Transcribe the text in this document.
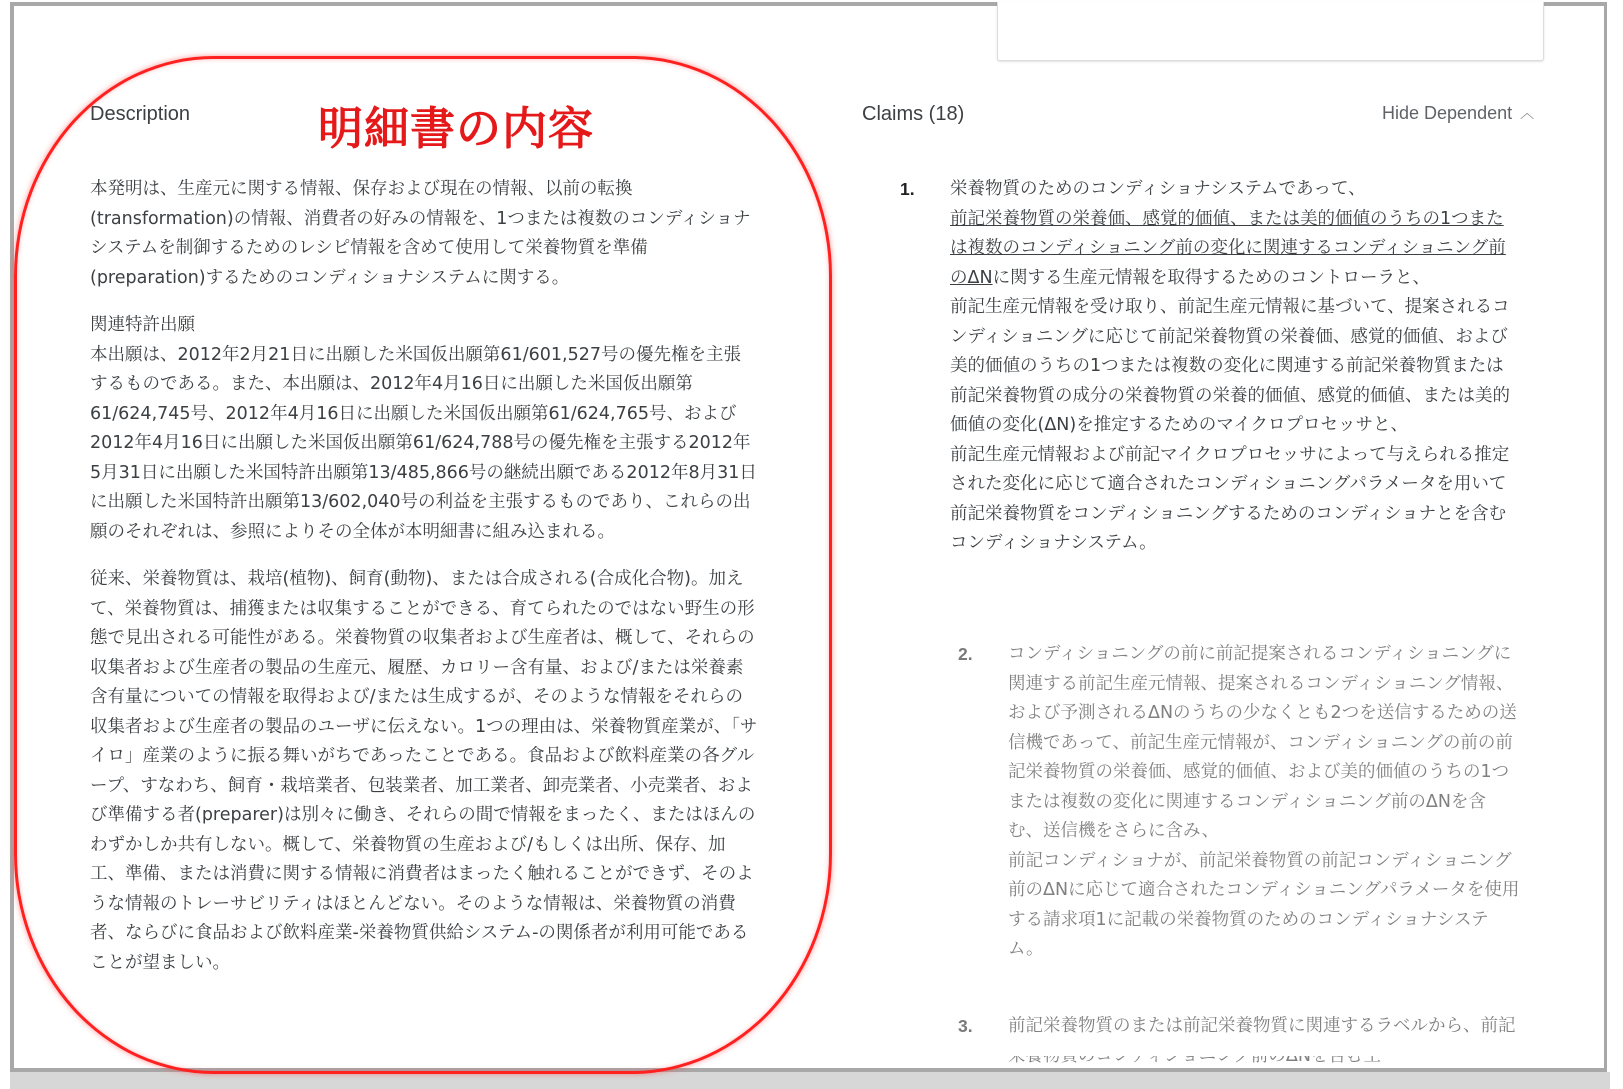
Description	明細書の内容	Claims (18)	Hide Dependent ︿

本発明は、生産元に関する情報、保存および現在の情報、以前の転換(transformation)の情報、消費者の好みの情報を、1つまたは複数のコンディショナシステムを制御するためのレシピ情報を含めて使用して栄養物質を準備(preparation)するためのコンディショナシステムに関する。

関連特許出願

本出願は、2012年2月21日に出願した米国仮出願第61/601,527号の優先権を主張するものである。また、本出願は、2012年4月16日に出願した米国仮出願第61/624,745号、2012年4月16日に出願した米国仮出願第61/624,765号、および2012年4月16日に出願した米国仮出願第61/624,788号の優先権を主張する2012年5月31日に出願した米国特許出願第13/485,866号の継続出願である2012年8月31日に出願した米国特許出願第13/602,040号の利益を主張するものであり、これらの出願のそれぞれは、参照によりその全体が本明細書に組み込まれる。

従来、栄養物質は、栽培(植物)、飼育(動物)、または合成される(合成化合物)。加えて、栄養物質は、捕獲または収集することができる、育てられたのではない野生の形態で見出される可能性がある。栄養物質の収集者および生産者は、概して、それらの収集者および生産者の製品の生産元、履歴、カロリー含有量、および/または栄養素含有量についての情報を取得および/または生成するが、そのような情報をそれらの収集者および生産者の製品のユーザに伝えない。1つの理由は、栄養物質産業が、「サイロ」産業のように振る舞いがちであったことである。食品および飲料産業の各グループ、すなわち、飼育・栽培業者、包装業者、加工業者、卸売業者、小売業者、および準備する者(preparer)は別々に働き、それらの間で情報をまったく、またはほんのわずかしか共有しない。概して、栄養物質の生産および/もしくは出所、保存、加工、準備、または消費に関する情報に消費者はまったく触れることができず、そのような情報のトレーサビリティはほとんどない。そのような情報は、栄養物質の消費者、ならびに食品および飲料産業-栄養物質供給システム-の関係者が利用可能であることが望ましい。

1. 栄養物質のためのコンディショナシステムであって、

前記栄養物質の栄養価、感覚的価値、または美的価値のうちの1つまたは複数のコンディショニング前の変化に関連するコンディショニング前のΔNに関する生産元情報を取得するためのコントローラと、

前記生産元情報を受け取り、前記生産元情報に基づいて、提案されるコンディショニングに応じて前記栄養物質の栄養価、感覚的価値、および美的価値のうちの1つまたは複数の変化に関連する前記栄養物質または前記栄養物質の成分の栄養物質の栄養的価値、感覚的価値、または美的価値の変化(ΔN)を推定するためのマイクロプロセッサと、

前記生産元情報および前記マイクロプロセッサによって与えられる推定された変化に応じて適合されたコンディショニングパラメータを用いて前記栄養物質をコンディショニングするためのコンディショナとを含むコンディショナシステム。

2. コンディショニングの前に前記提案されるコンディショニングに関連する前記生産元情報、提案されるコンディショニング情報、および予測されるΔNのうちの少なくとも2つを送信するための送信機であって、前記生産元情報が、コンディショニングの前の前記栄養物質の栄養価、感覚的価値、および美的価値のうちの1つまたは複数の変化に関連するコンディショニング前のΔNを含む、送信機をさらに含み、

前記コンディショナが、前記栄養物質の前記コンディショニング前のΔNに応じて適合されたコンディショニングパラメータを使用する請求項1に記載の栄養物質のためのコンディショナシステム。

3. 前記栄養物質のまたは前記栄養物質に関連するラベルから、前記
